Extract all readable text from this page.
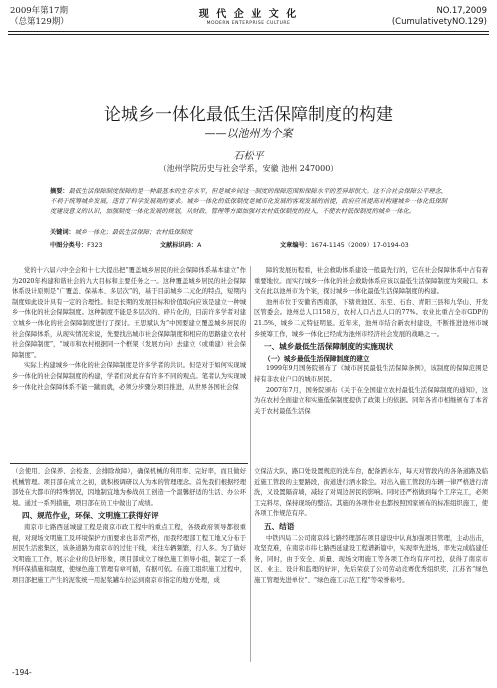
2009年第17期
（总第129期）
现 代 企 业 文 化
MODERN ENTERPRISE CULTURE
NO.17,2009
(CumulativetyNO.129)
论城乡一体化最低生活保障制度的构建
——以池州为个案
石松平
（池州学院历史与社会学系，安徽 池州 247000）
摘要：最低生活保障制度保障的是一种最基本的生存水平，但是城乡间这一制度的保障范围和保障水平的差异却很大。这不合社会保障公平理念，不利于统筹城乡发展，违背了科学发展观的要求。城乡一体化的低保制度是城市化发展的客观发展的前提，政府应该提高对构建城乡一体化低保制度建设意义的认识，加强制度一体化发展的规划，从财政、管理等方面加强对农村低保制度的投入，不使农村低保制度的城乡一体化。
关键词：城乡一体化；最低生活保障；农村低保制度
中图分类号：F323	文献标识码：A	文章编号：1674-1145（2009）17-0194-03

党的十六届六中全会和十七大提出把“覆盖城乡居民的社会保障体系基本建立”作为2020年构建和谐社会的九大目标和主要任务之一。这种覆盖城乡居民的社会保障体系设计原则是“广覆盖、保基本、多层次”的，基于目前城乡二元化的特点，短期内制度如此设计具有一定的合理性。但是长期的发展目标和价值取向应该是建立一种城乡一体化的社会保障制度。这种制度不能是多层次的、碎片化的，目前许多学者对建立城乡一体化的社会保障制度进行了探讨。王思斌认为“中国要建立覆盖城乡居民的社会保障体系，从现实情况来说，先要找出城市社会保障制度和相应的思路建立农村社会保障制度”，“城市和农村根据同一个框架（发展方向）去建立（或重建）社会保障制度”。

实际上构建城乡一体化的社会保障制度是许多学者的共识。但是对于如何实现城乡一体化的社会保障制度的构建，学者们对此存有许多不同的观点。笔者认为实现城乡一体化社会保障体系不能一蹴而就，必须分步骤分项目推进，从世界各国社会保

障的发展历程看，社会救助体系建设一般最先行的，它在社会保障体系中占有着重要地位。而实行城乡一体化的社会救助体系应该以最低生活保障制度为突破口。本文在此以池州市为个案，探讨城乡一体化最低生活保障制度的构建。

池州市位于安徽省西南部，下辖贵池区、东至、石台、青阳三县和九华山、开发区管委会。池州总人口158万，农村人口占总人口的77%。农业比重占全市GDP的21.5%，城乡二元特征明显。近年来，池州市结合新农村建设，不断推进池州市城乡统筹工作，城乡一体化已经成为池州市经济社会发展的战略之一。

一、城乡最低生活保障制度的实施现状

（一）城乡最低生活保障制度的建立

1999年9月国务院颁布了《城市居民最低生活保障条例》，该制度的保障范围是持有非农业户口的城市居民。

2007年7月，国务院颁布《关于在全国建立农村最低生活保障制度的通知》，这为在农村全面建立和实施低保制度提供了政策上的依据。同年各省市相继颁布了本省关于农村最低生活保

（会使用、会保养、会检查、会排除故障），确保机械的利用率、完好率，而且做好机械管理。项目部在成立之初，就积极调研以人为本的管理理念。首先我们根据经理部处在大都市的特殊情况，因地制宜地为参战员工创造一个温馨舒适的生活、办公环境。通过一系列措施，项目部在员工中做出了成绩。

四、规范作业，环保、文明施工获得好评

南京市七路西延城建工程是南京市政工程中的重点工程，各级政府领导都很重视，对现场文明施工及环境保护方面要求也非常严格，而我经理部工程工地又分布于居民生活密集区，该条道路为南京市的过往干线，来往车辆频繁，行人多。为了做好文明施工工作，展示企业的良好形象，项目部成立了绿色施工领导小组，制定了一系列环保措施和制度，使绿色施工管理有章可循，有据可依。在施工组织施工过程中，项目部把施工产生的泥浆统一用泥浆罐车拉运到南京市指定的地方处理，成

立保洁大队，路口处设置规范的洗车台，配备洒水车，每天对管段内的各条道路及临近施工管段的主要路段，街道进行洒水除尘。对出入施工管段的车辆一律严格进行清洗，又设置隔音墙，减轻了对周边居民的影响。同时还严格做到每个工序完工，必须工完料尽，保持现场的整洁。其施的各项作业也都按照国家颁布的标准组织施工，使各项工作规范有序。

五、结语

中铁四局二公司南京纬七路经理部在项目建设中认真加强项目管理，主动出击，攻坚克难，在南京市纬七路西延建设工程谱新篇中，实现率先进场、率先完成临建任务，同时，由于安全、质量、现场文明施工等各项工作均有序可控，获得了南京市区、业主、设计和监理的好评，先后荣获了公司劳动竞赛优秀组织奖、江苏省“绿色施工管理先进单位”、“绿色施工示范工程”等荣誉称号。

-194-
